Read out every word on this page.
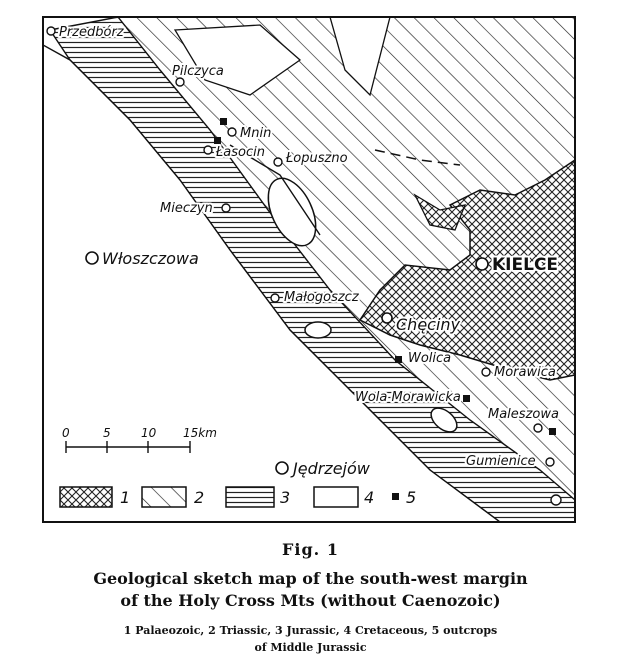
Przedbórz
Pilczyca
Mnin
Łasocin Łopuszno
Mieczyn
Włoszczowa	KIELCE
Małogoszcz
Chęciny
Wolica
Morawica
Wola Morawicka
Maleszowa
Gumienice
Jędrzejów
0	5	10 15km
1	2	3	4 5
Fig. 1
Geological sketch map of the south-west margin
of the Holy Cross Mts (without Caenozoic)
1 Palaeozoic, 2 Triassic, 3 Jurassic, 4 Cretaceous, 5 outcrops
of Middle Jurassic
